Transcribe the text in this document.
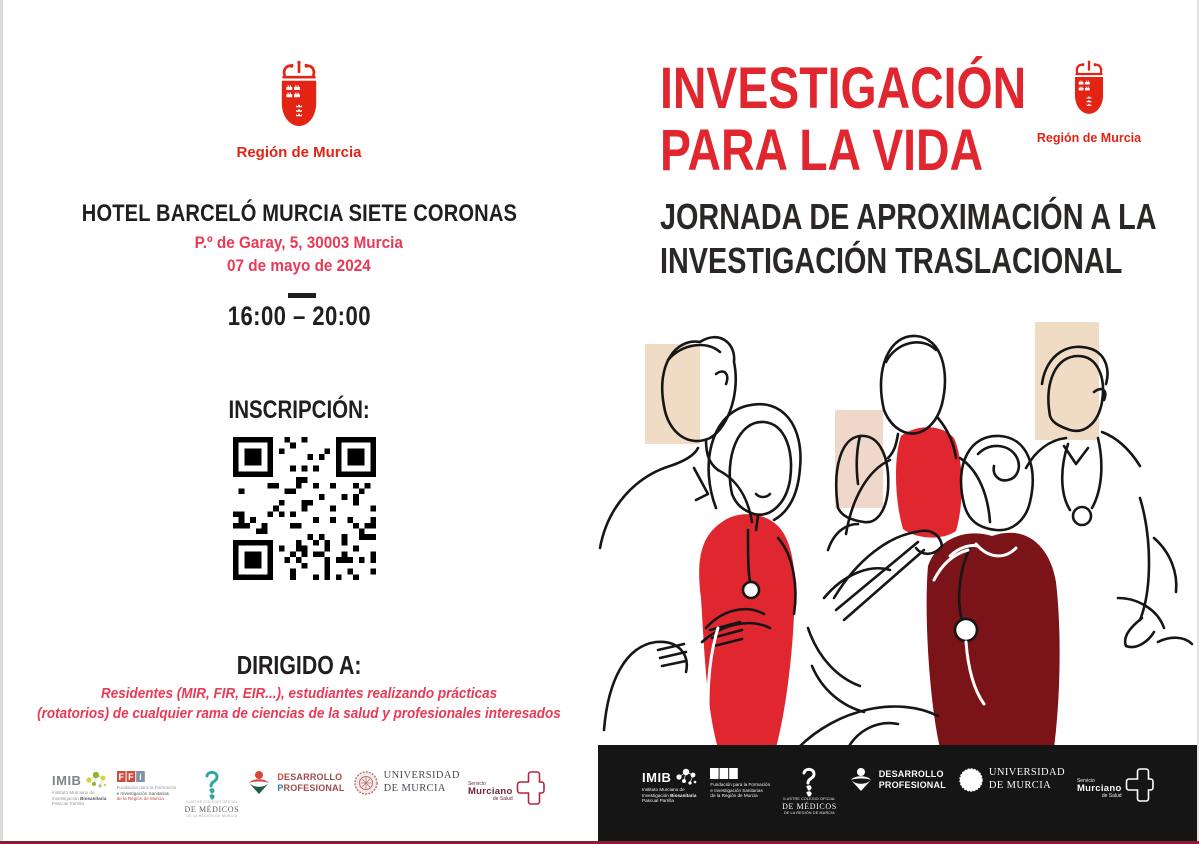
Región de Murcia
HOTEL BARCELÓ MURCIA SIETE CORONAS
P.º de Garay, 5, 30003 Murcia
07 de mayo de 2024
16:00 – 20:00
INSCRIPCIÓN:
DIRIGIDO A:
Residentes (MIR, FIR, EIR...), estudiantes realizando prácticas
(rotatorios) de cualquier rama de ciencias de la salud y profesionales interesados
INVESTIGACIÓN
PARA LA VIDA
JORNADA DE APROXIMACIÓN A LA
INVESTIGACIÓN TRASLACIONAL
Región de Murcia
IMIB
Instituto Murciano de
Investigación Biosanitaria
Pascual Parrilla
F F i
Fundación para la Formación
e Investigación Sanitarias
de la Región de Murcia
ILUSTRE COLEGIO OFICIAL
DE MÉDICOS
DE LA REGIÓN DE MURCIA
DESARROLLO
PROFESIONAL
UNIVERSIDAD
DE MURCIA	Servicio
Murciano
de Salud
IMIB
Instituto Murciano de
Investigación Biosanitaria
Pascual Parrilla
F F i
Fundación para la Formación
e Investigación Sanitarias
de la Región de Murcia
ILUSTRE COLEGIO OFICIAL
DE MÉDICOS
DE LA REGIÓN DE MURCIA
DESARROLLO
PROFESIONAL
UNIVERSIDAD
DE MURCIA	Servicio
Murciano
de Salud
